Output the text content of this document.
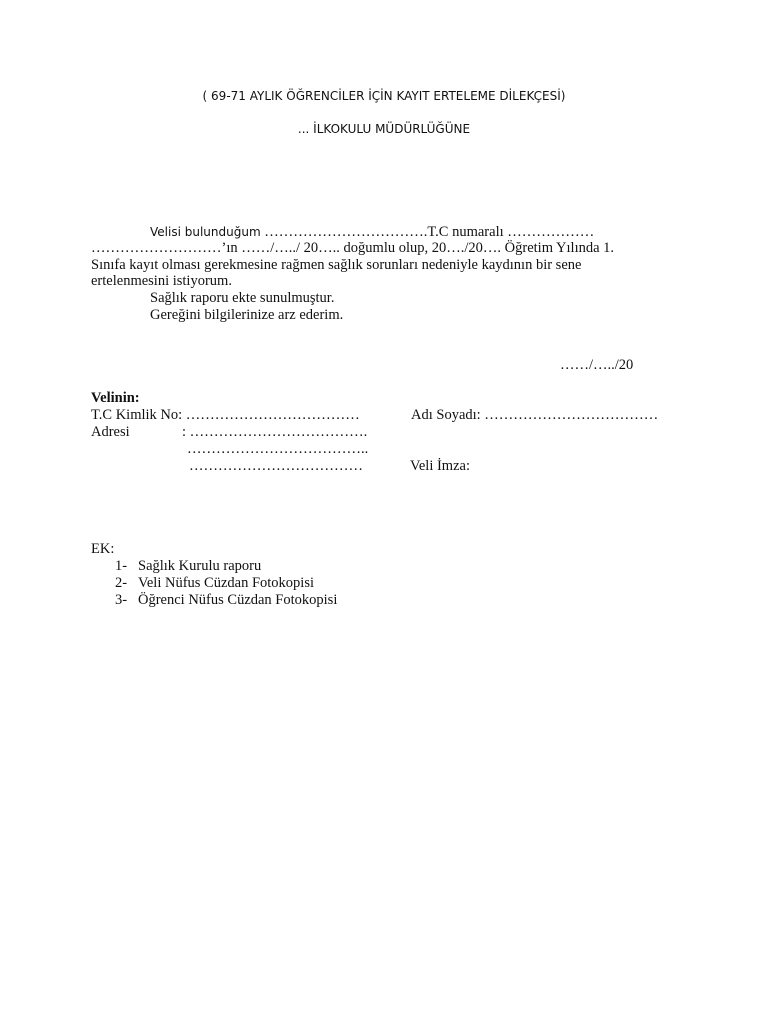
( 69-71 AYLIK ÖĞRENCİLER İÇİN KAYIT ERTELEME DİLEKÇESİ)
... İLKOKULU MÜDÜRLÜĞÜNE
Velisi bulunduğum …………………………….T.C numaralı ………………
………………………’ın ……/…../ 20….. doğumlu olup, 20…./20…. Öğretim Yılında 1.
Sınıfa kayıt olması gerekmesine rağmen sağlık sorunları nedeniyle kaydının bir sene
ertelenmesini istiyorum.
Sağlık raporu ekte sunulmuştur.
Gereğini bilgilerinize arz ederim.
……/…../20
Velinin:
T.C Kimlik No: ………………………………	Adı Soyadı: ………………………………
Adresi	: ……………………………….
………………………………..
………………………………	Veli İmza:
EK:
1- Sağlık Kurulu raporu
2- Veli Nüfus Cüzdan Fotokopisi
3- Öğrenci Nüfus Cüzdan Fotokopisi
